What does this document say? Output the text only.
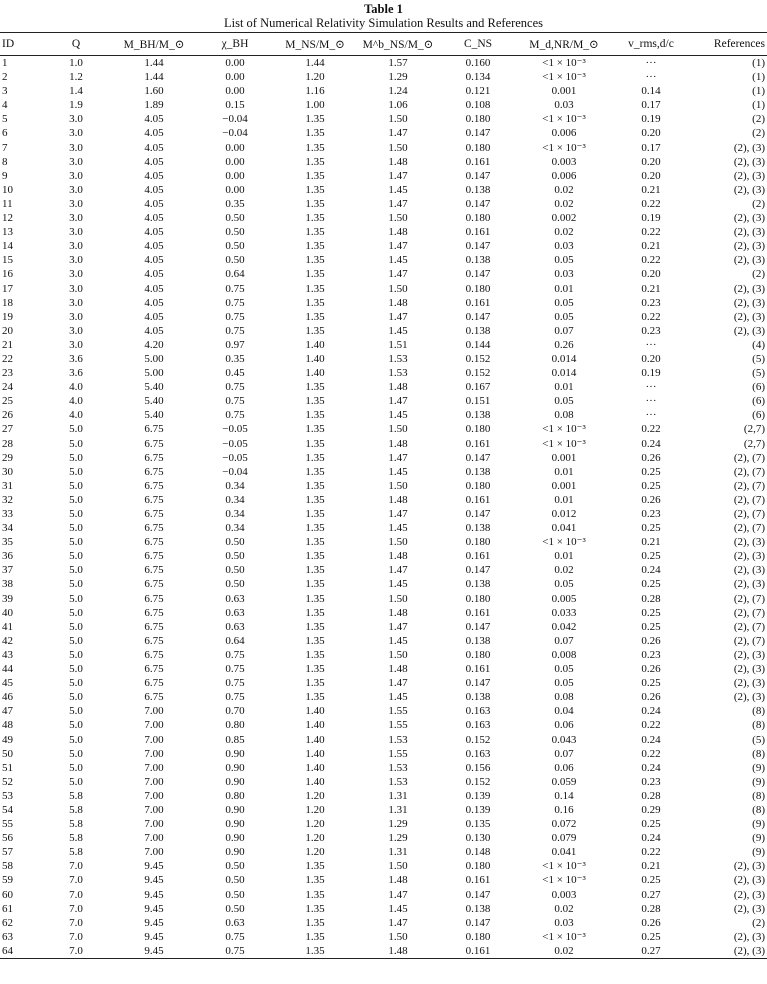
Table 1
List of Numerical Relativity Simulation Results and References
ID	Q	M_BH/M_⊙	χ_BH	M_NS/M_⊙	M^b_NS/M_⊙	C_NS	M_d,NR/M_⊙	v_rms,d/c	References
1	1.0	1.44	0.00	1.44	1.57	0.160	<1 × 10⁻³	···	(1)
2	1.2	1.44	0.00	1.20	1.29	0.134	<1 × 10⁻³	···	(1)
3	1.4	1.60	0.00	1.16	1.24	0.121	0.001	0.14	(1)
4	1.9	1.89	0.15	1.00	1.06	0.108	0.03	0.17	(1)
5	3.0	4.05	−0.04	1.35	1.50	0.180	<1 × 10⁻³	0.19	(2)
6	3.0	4.05	−0.04	1.35	1.47	0.147	0.006	0.20	(2)
7	3.0	4.05	0.00	1.35	1.50	0.180	<1 × 10⁻³	0.17	(2), (3)
8	3.0	4.05	0.00	1.35	1.48	0.161	0.003	0.20	(2), (3)
9	3.0	4.05	0.00	1.35	1.47	0.147	0.006	0.20	(2), (3)
10	3.0	4.05	0.00	1.35	1.45	0.138	0.02	0.21	(2), (3)
11	3.0	4.05	0.35	1.35	1.47	0.147	0.02	0.22	(2)
12	3.0	4.05	0.50	1.35	1.50	0.180	0.002	0.19	(2), (3)
13	3.0	4.05	0.50	1.35	1.48	0.161	0.02	0.22	(2), (3)
14	3.0	4.05	0.50	1.35	1.47	0.147	0.03	0.21	(2), (3)
15	3.0	4.05	0.50	1.35	1.45	0.138	0.05	0.22	(2), (3)
16	3.0	4.05	0.64	1.35	1.47	0.147	0.03	0.20	(2)
17	3.0	4.05	0.75	1.35	1.50	0.180	0.01	0.21	(2), (3)
18	3.0	4.05	0.75	1.35	1.48	0.161	0.05	0.23	(2), (3)
19	3.0	4.05	0.75	1.35	1.47	0.147	0.05	0.22	(2), (3)
20	3.0	4.05	0.75	1.35	1.45	0.138	0.07	0.23	(2), (3)
21	3.0	4.20	0.97	1.40	1.51	0.144	0.26	···	(4)
22	3.6	5.00	0.35	1.40	1.53	0.152	0.014	0.20	(5)
23	3.6	5.00	0.45	1.40	1.53	0.152	0.014	0.19	(5)
24	4.0	5.40	0.75	1.35	1.48	0.167	0.01	···	(6)
25	4.0	5.40	0.75	1.35	1.47	0.151	0.05	···	(6)
26	4.0	5.40	0.75	1.35	1.45	0.138	0.08	···	(6)
27	5.0	6.75	−0.05	1.35	1.50	0.180	<1 × 10⁻³	0.22	(2,7)
28	5.0	6.75	−0.05	1.35	1.48	0.161	<1 × 10⁻³	0.24	(2,7)
29	5.0	6.75	−0.05	1.35	1.47	0.147	0.001	0.26	(2), (7)
30	5.0	6.75	−0.04	1.35	1.45	0.138	0.01	0.25	(2), (7)
31	5.0	6.75	0.34	1.35	1.50	0.180	0.001	0.25	(2), (7)
32	5.0	6.75	0.34	1.35	1.48	0.161	0.01	0.26	(2), (7)
33	5.0	6.75	0.34	1.35	1.47	0.147	0.012	0.23	(2), (7)
34	5.0	6.75	0.34	1.35	1.45	0.138	0.041	0.25	(2), (7)
35	5.0	6.75	0.50	1.35	1.50	0.180	<1 × 10⁻³	0.21	(2), (3)
36	5.0	6.75	0.50	1.35	1.48	0.161	0.01	0.25	(2), (3)
37	5.0	6.75	0.50	1.35	1.47	0.147	0.02	0.24	(2), (3)
38	5.0	6.75	0.50	1.35	1.45	0.138	0.05	0.25	(2), (3)
39	5.0	6.75	0.63	1.35	1.50	0.180	0.005	0.28	(2), (7)
40	5.0	6.75	0.63	1.35	1.48	0.161	0.033	0.25	(2), (7)
41	5.0	6.75	0.63	1.35	1.47	0.147	0.042	0.25	(2), (7)
42	5.0	6.75	0.64	1.35	1.45	0.138	0.07	0.26	(2), (7)
43	5.0	6.75	0.75	1.35	1.50	0.180	0.008	0.23	(2), (3)
44	5.0	6.75	0.75	1.35	1.48	0.161	0.05	0.26	(2), (3)
45	5.0	6.75	0.75	1.35	1.47	0.147	0.05	0.25	(2), (3)
46	5.0	6.75	0.75	1.35	1.45	0.138	0.08	0.26	(2), (3)
47	5.0	7.00	0.70	1.40	1.55	0.163	0.04	0.24	(8)
48	5.0	7.00	0.80	1.40	1.55	0.163	0.06	0.22	(8)
49	5.0	7.00	0.85	1.40	1.53	0.152	0.043	0.24	(5)
50	5.0	7.00	0.90	1.40	1.55	0.163	0.07	0.22	(8)
51	5.0	7.00	0.90	1.40	1.53	0.156	0.06	0.24	(9)
52	5.0	7.00	0.90	1.40	1.53	0.152	0.059	0.23	(9)
53	5.8	7.00	0.80	1.20	1.31	0.139	0.14	0.28	(8)
54	5.8	7.00	0.90	1.20	1.31	0.139	0.16	0.29	(8)
55	5.8	7.00	0.90	1.20	1.29	0.135	0.072	0.25	(9)
56	5.8	7.00	0.90	1.20	1.29	0.130	0.079	0.24	(9)
57	5.8	7.00	0.90	1.20	1.31	0.148	0.041	0.22	(9)
58	7.0	9.45	0.50	1.35	1.50	0.180	<1 × 10⁻³	0.21	(2), (3)
59	7.0	9.45	0.50	1.35	1.48	0.161	<1 × 10⁻³	0.25	(2), (3)
60	7.0	9.45	0.50	1.35	1.47	0.147	0.003	0.27	(2), (3)
61	7.0	9.45	0.50	1.35	1.45	0.138	0.02	0.28	(2), (3)
62	7.0	9.45	0.63	1.35	1.47	0.147	0.03	0.26	(2)
63	7.0	9.45	0.75	1.35	1.50	0.180	<1 × 10⁻³	0.25	(2), (3)
64	7.0	9.45	0.75	1.35	1.48	0.161	0.02	0.27	(2), (3)
